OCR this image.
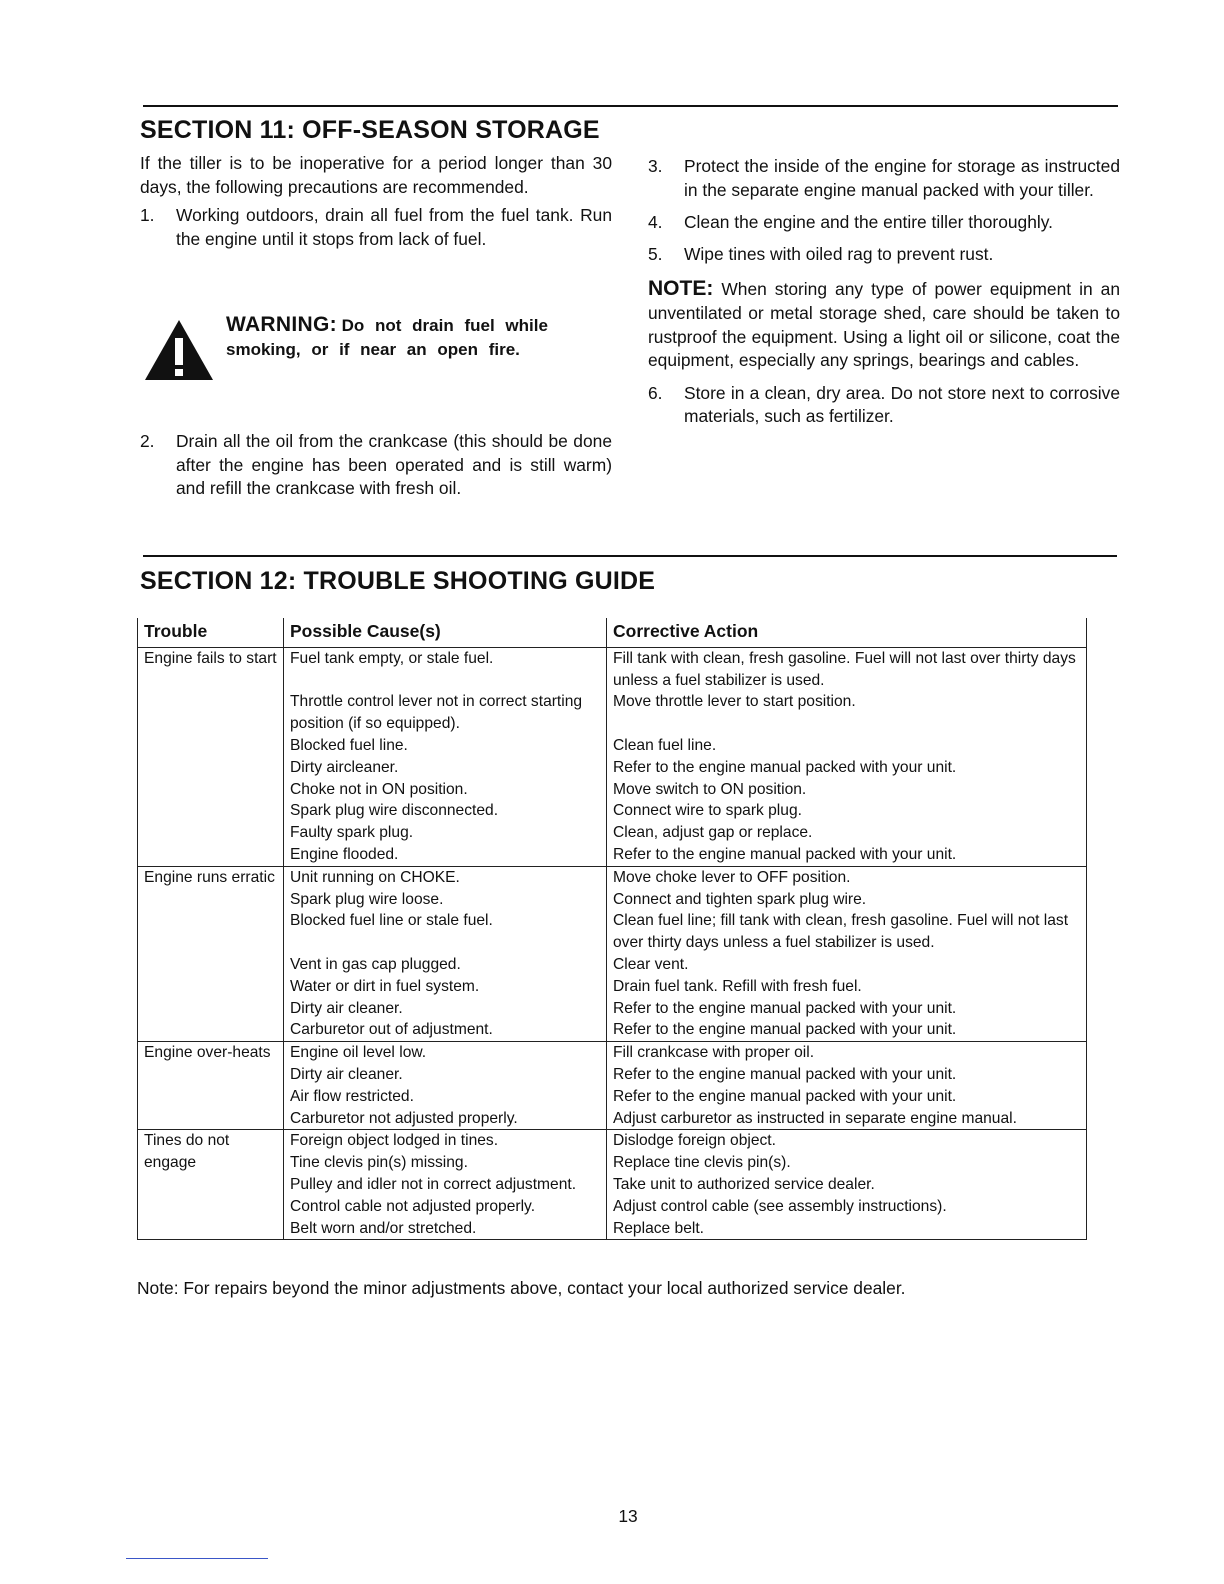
SECTION 11: OFF-SEASON STORAGE

If the tiller is to be inoperative for a period longer than 30 days, the following precautions are recommended.

1. Working outdoors, drain all fuel from the fuel tank. Run the engine until it stops from lack of fuel.
WARNING: Do not drain fuel while smoking, or if near an open fire.
2. Drain all the oil from the crankcase (this should be done after the engine has been operated and is still warm) and refill the crankcase with fresh oil.
3. Protect the inside of the engine for storage as instructed in the separate engine manual packed with your tiller.
4. Clean the engine and the entire tiller thoroughly.
5. Wipe tines with oiled rag to prevent rust.

NOTE: When storing any type of power equipment in an unventilated or metal storage shed, care should be taken to rustproof the equipment. Using a light oil or silicone, coat the equipment, especially any springs, bearings and cables.

6. Store in a clean, dry area. Do not store next to corrosive materials, such as fertilizer.
SECTION 12: TROUBLE SHOOTING GUIDE
Trouble	Possible Cause(s)	Corrective Action
Engine fails to start	Fuel tank empty, or stale fuel.	Fill tank with clean, fresh gasoline. Fuel will not last over thirty days unless a fuel stabilizer is used.
	Throttle control lever not in correct starting position (if so equipped).	Move throttle lever to start position.
	Blocked fuel line.	Clean fuel line.
	Dirty aircleaner.	Refer to the engine manual packed with your unit.
	Choke not in ON position.	Move switch to ON position.
	Spark plug wire disconnected.	Connect wire to spark plug.
	Faulty spark plug.	Clean, adjust gap or replace.
	Engine flooded.	Refer to the engine manual packed with your unit.
Engine runs erratic	Unit running on CHOKE.	Move choke lever to OFF position.
	Spark plug wire loose.	Connect and tighten spark plug wire.
	Blocked fuel line or stale fuel.	Clean fuel line; fill tank with clean, fresh gasoline. Fuel will not last over thirty days unless a fuel stabilizer is used.
	Vent in gas cap plugged.	Clear vent.
	Water or dirt in fuel system.	Drain fuel tank. Refill with fresh fuel.
	Dirty air cleaner.	Refer to the engine manual packed with your unit.
	Carburetor out of adjustment.	Refer to the engine manual packed with your unit.
Engine over-heats	Engine oil level low.	Fill crankcase with proper oil.
	Dirty air cleaner.	Refer to the engine manual packed with your unit.
	Air flow restricted.	Refer to the engine manual packed with your unit.
	Carburetor not adjusted properly.	Adjust carburetor as instructed in separate engine manual.
Tines do not engage	Foreign object lodged in tines.	Dislodge foreign object.
	Tine clevis pin(s) missing.	Replace tine clevis pin(s).
	Pulley and idler not in correct adjustment.	Take unit to authorized service dealer.
	Control cable not adjusted properly.	Adjust control cable (see assembly instructions).
	Belt worn and/or stretched.	Replace belt.

Note: For repairs beyond the minor adjustments above, contact your local authorized service dealer.

13
